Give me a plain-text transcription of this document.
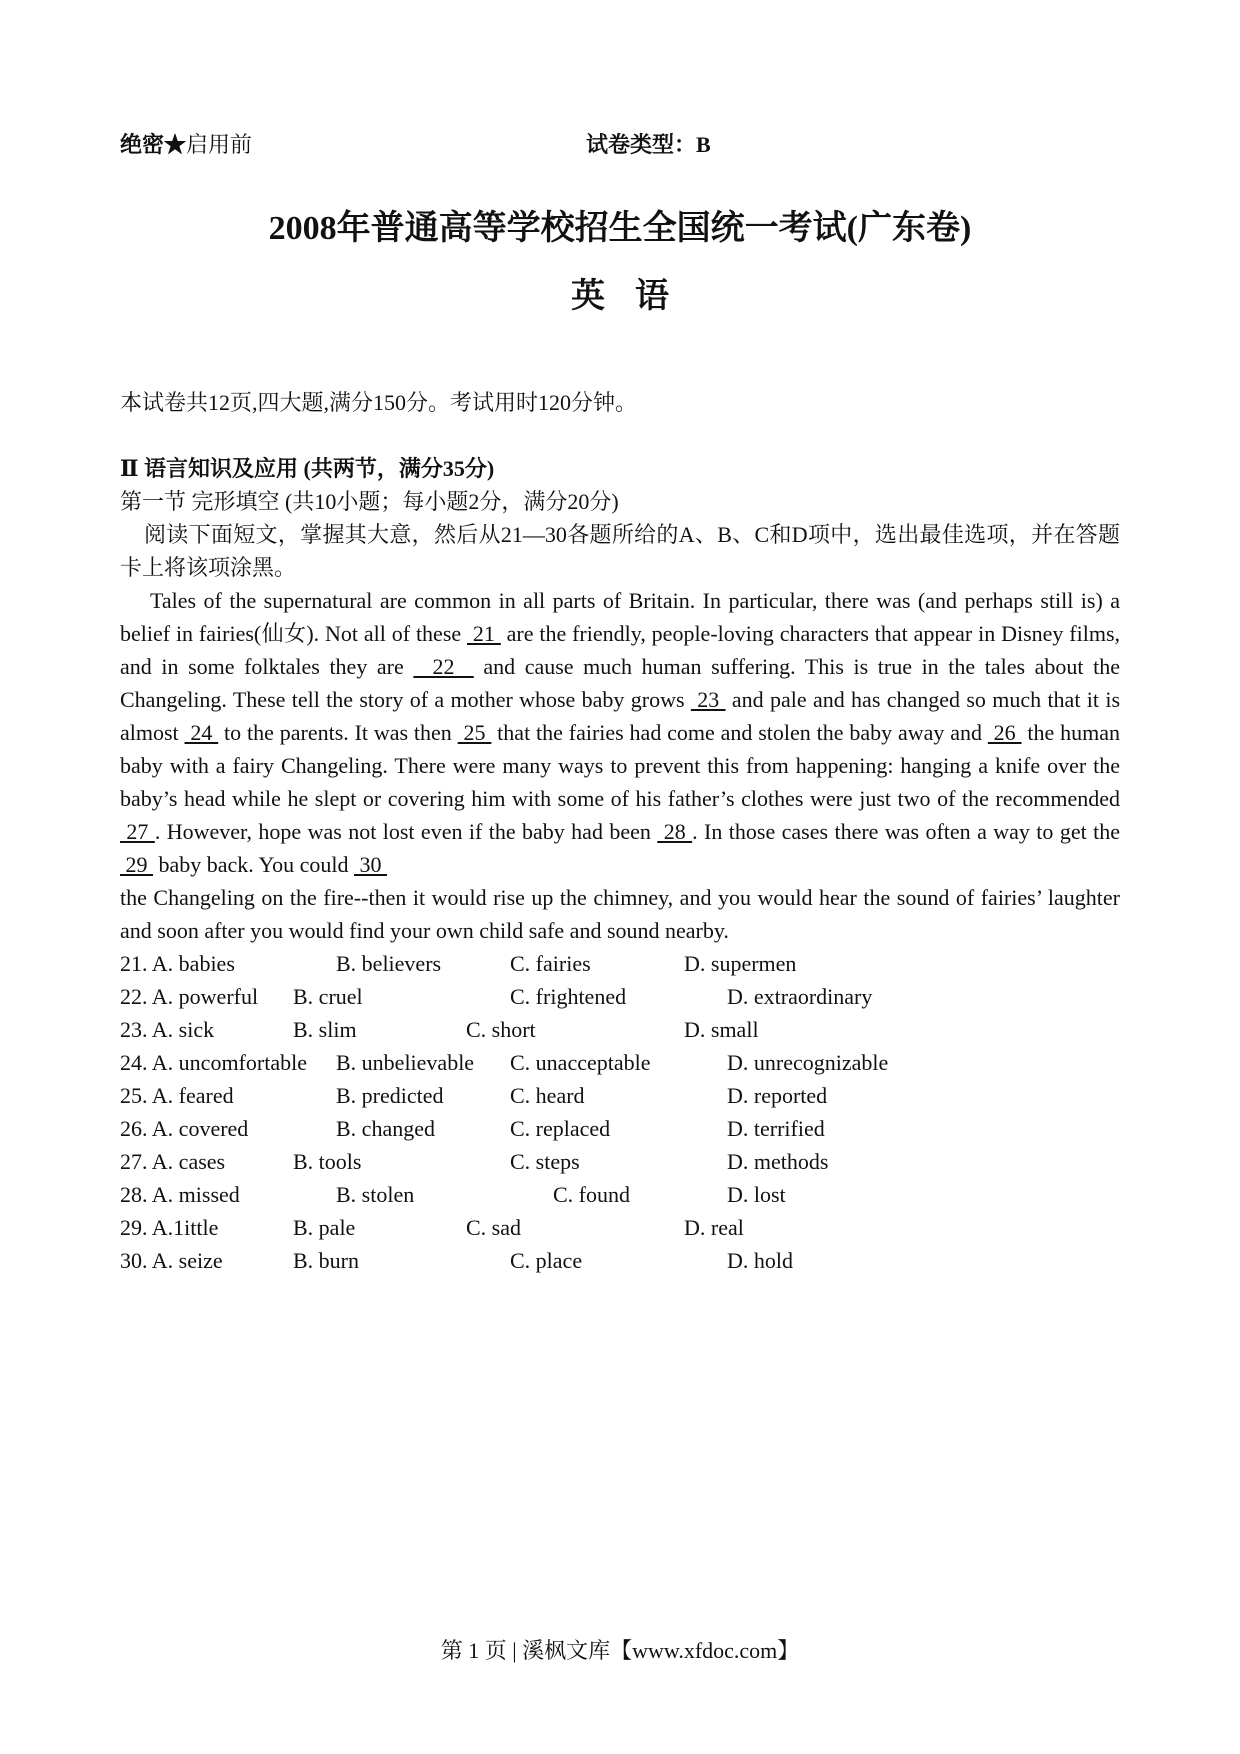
绝密★启用前	试卷类型：B
2008年普通高等学校招生全国统一考试(广东卷)
英语
本试卷共12页,四大题,满分150分。考试用时120分钟。

Ⅱ 语言知识及应用 (共两节，满分35分)

第一节 完形填空 (共10小题；每小题2分，满分20分)

阅读下面短文，掌握其大意，然后从21—30各题所给的A、B、C和D项中，选出最佳选项，并在答题卡上将该项涂黑。

Tales of the supernatural are common in all parts of Britain. In particular, there was (and perhaps still is) a belief in fairies(仙女). Not all of these  21  are the friendly, people-loving characters that appear in Disney films, and in some folktales they are   22   and cause much human suffering. This is true in the tales about the Changeling. These tell the story of a mother whose baby grows  23  and pale and has changed so much that it is almost  24  to the parents. It was then  25  that the fairies had come and stolen the baby away and  26  the human baby with a fairy Changeling. There were many ways to prevent this from happening: hanging a knife over the baby’s head while he slept or covering him with some of his father’s clothes were just two of the recommended  27 . However, hope was not lost even if the baby had been  28 . In those cases there was often a way to get the  29  baby back. You could  30

the Changeling on the fire--then it would rise up the chimney, and you would hear the sound of fairies’ laughter and soon after you would find your own child safe and sound nearby.

21. A. babies	B. believers	C. fairies	D. supermen
22. A. powerful B. cruel	C. frightened	D. extraordinary
23. A. sick	B. slim	C. short	D. small
24. A. uncomfortable B. unbelievable C. unacceptable	D. unrecognizable
25. A. feared	B. predicted	C. heard	D. reported
26. A. covered	B. changed	C. replaced	D. terrified
27. A. cases	B. tools	C. steps	D. methods
28. A. missed	B. stolen	C. found	D. lost
29. A.1ittle	B. pale	C. sad	D. real
30. A. seize	B. burn	C. place	D. hold
第 1 页 | 溪枫文库【www.xfdoc.com】
